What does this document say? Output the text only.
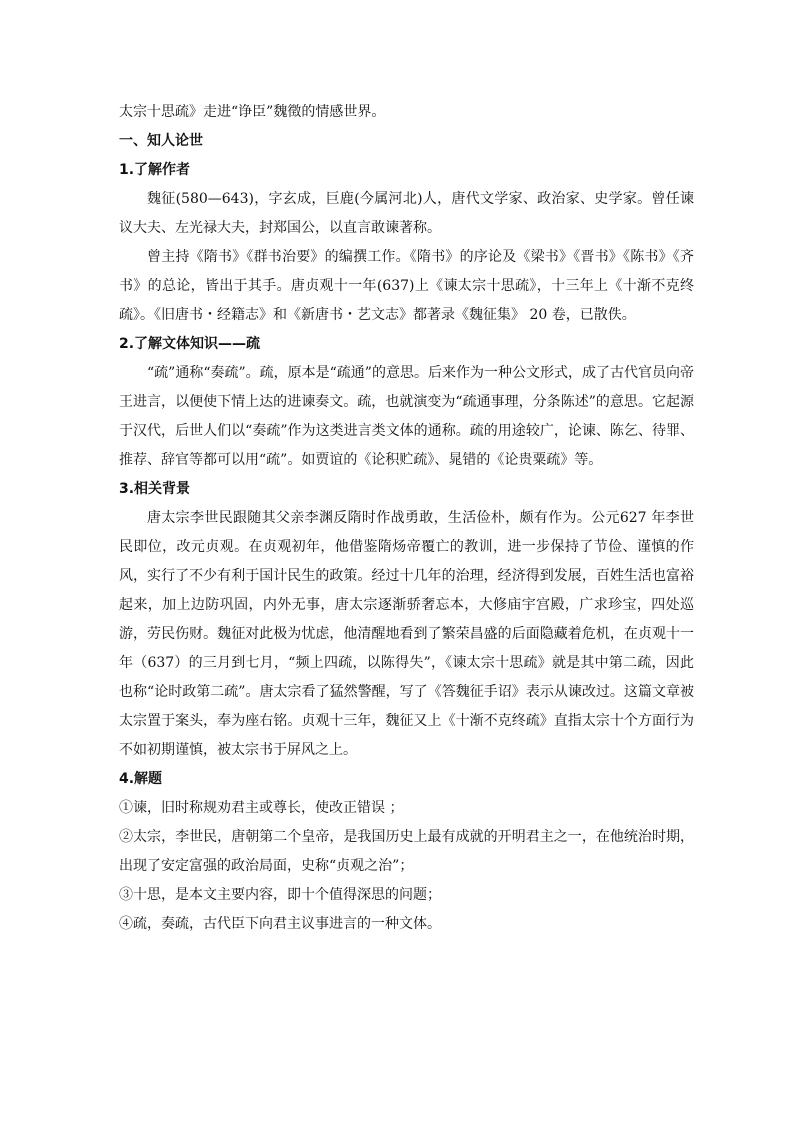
太宗十思疏》走进“诤臣”魏徵的情感世界。

一、知人论世

1.了解作者

魏征(580—643)，字玄成，巨鹿(今属河北)人，唐代文学家、政治家、史学家。曾任谏议大夫、左光禄大夫，封郑国公，以直言敢谏著称。

曾主持《隋书》《群书治要》的编撰工作。《隋书》的序论及《梁书》《晋书》《陈书》《齐书》的总论，皆出于其手。唐贞观十一年(637)上《谏太宗十思疏》，十三年上《十渐不克终疏》。《旧唐书・经籍志》和《新唐书・艺文志》都著录《魏征集》 20 卷，已散佚。

2.了解文体知识——疏

“疏”通称“奏疏”。疏，原本是“疏通”的意思。后来作为一种公文形式，成了古代官员向帝王进言，以便使下情上达的进谏奏文。疏，也就演变为“疏通事理，分条陈述”的意思。它起源于汉代，后世人们以“奏疏”作为这类进言类文体的通称。疏的用途较广，论谏、陈乞、待罪、推荐、辞官等都可以用“疏”。如贾谊的《论积贮疏》、晁错的《论贵粟疏》等。

3.相关背景

唐太宗李世民跟随其父亲李渊反隋时作战勇敢，生活俭朴，颇有作为。公元627 年李世民即位，改元贞观。在贞观初年，他借鉴隋炀帝覆亡的教训，进一步保持了节俭、谨慎的作风，实行了不少有利于国计民生的政策。经过十几年的治理，经济得到发展，百姓生活也富裕起来，加上边防巩固，内外无事，唐太宗逐渐骄奢忘本，大修庙宇宫殿，广求珍宝，四处巡游，劳民伤财。魏征对此极为忧虑，他清醒地看到了繁荣昌盛的后面隐藏着危机，在贞观十一年（637）的三月到七月，“频上四疏，以陈得失”，《谏太宗十思疏》就是其中第二疏，因此也称“论时政第二疏”。唐太宗看了猛然警醒，写了《答魏征手诏》表示从谏改过。这篇文章被太宗置于案头，奉为座右铭。贞观十三年，魏征又上《十渐不克终疏》直指太宗十个方面行为不如初期谨慎，被太宗书于屏风之上。

4.解题

①谏，旧时称规劝君主或尊长，使改正错误 ；

②太宗，李世民，唐朝第二个皇帝，是我国历史上最有成就的开明君主之一，在他统治时期，出现了安定富强的政治局面，史称“贞观之治”；

③十思，是本文主要内容，即十个值得深思的问题；

④疏，奏疏，古代臣下向君主议事进言的一种文体。
